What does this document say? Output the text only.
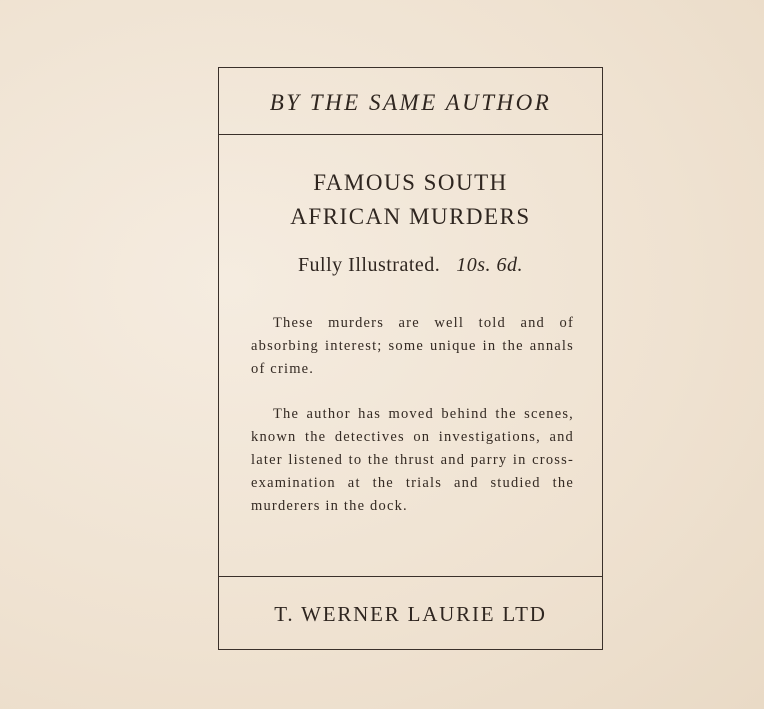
BY THE SAME AUTHOR
FAMOUS SOUTH
AFRICAN MURDERS
Fully Illustrated. 10s. 6d.

These murders are well told and of absorbing interest; some unique in the annals of crime.

The author has moved behind the scenes, known the detectives on investigations, and later listened to the thrust and parry in cross-examination at the trials and studied the murderers in the dock.

T. WERNER LAURIE LTD
